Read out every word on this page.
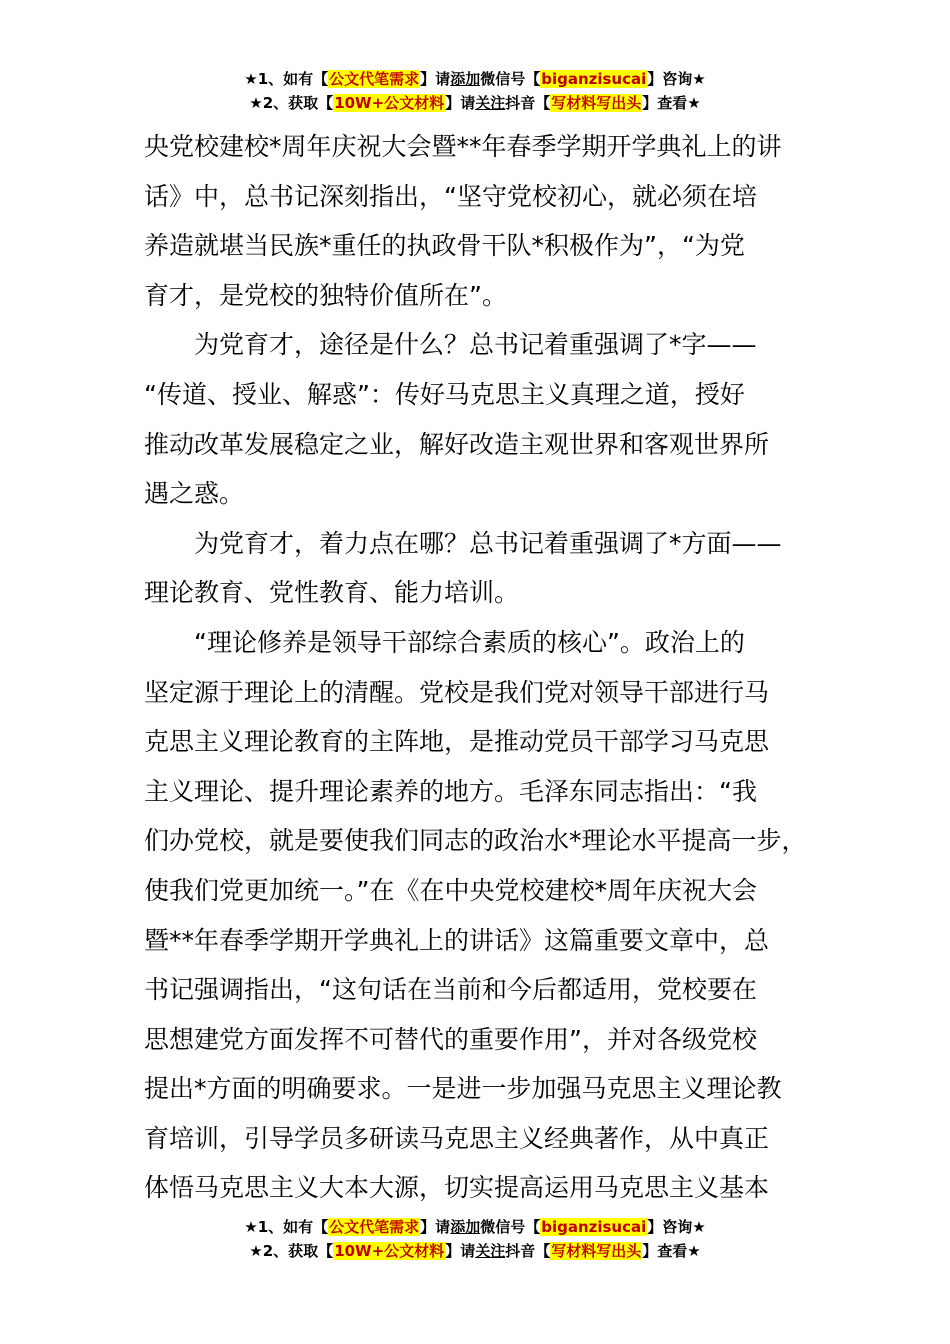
★1、如有【公文代笔需求】请添加微信号【biganzisucai】咨询★
★2、获取【10W+公文材料】请关注抖音【写材料写出头】查看★

央党校建校*周年庆祝大会暨**年春季学期开学典礼上的讲

话》中，总书记深刻指出，“坚守党校初心，就必须在培

养造就堪当民族*重任的执政骨干队*积极作为”，“为党

育才，是党校的独特价值所在”。

为党育才，途径是什么？总书记着重强调了*字——

“传道、授业、解惑”：传好马克思主义真理之道，授好

推动改革发展稳定之业，解好改造主观世界和客观世界所

遇之惑。

为党育才，着力点在哪？总书记着重强调了*方面——

理论教育、党性教育、能力培训。

“理论修养是领导干部综合素质的核心”。政治上的

坚定源于理论上的清醒。党校是我们党对领导干部进行马

克思主义理论教育的主阵地，是推动党员干部学习马克思

主义理论、提升理论素养的地方。毛泽东同志指出：“我

们办党校，就是要使我们同志的政治水*理论水平提高一步，

使我们党更加统一。”在《在中央党校建校*周年庆祝大会

暨**年春季学期开学典礼上的讲话》这篇重要文章中，总

书记强调指出，“这句话在当前和今后都适用，党校要在

思想建党方面发挥不可替代的重要作用”，并对各级党校

提出*方面的明确要求。一是进一步加强马克思主义理论教

育培训，引导学员多研读马克思主义经典著作，从中真正

体悟马克思主义大本大源，切实提高运用马克思主义基本

★1、如有【公文代笔需求】请添加微信号【biganzisucai】咨询★
★2、获取【10W+公文材料】请关注抖音【写材料写出头】查看★
